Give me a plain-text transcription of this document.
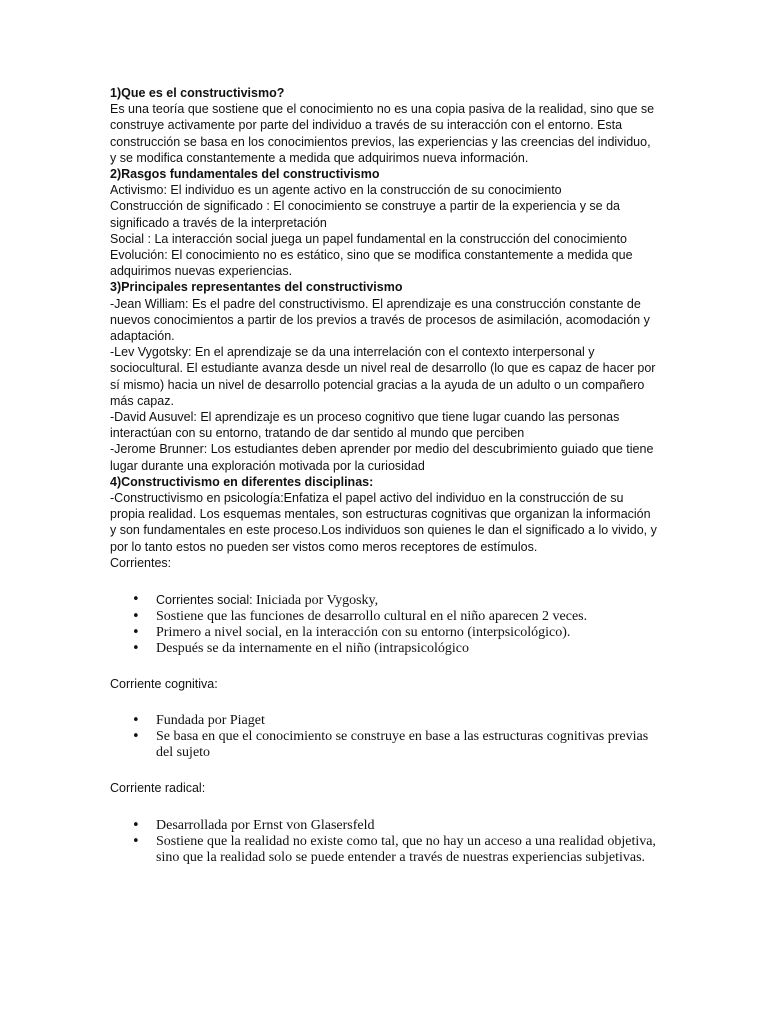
1)Que es el constructivismo?

Es una teoría que sostiene que el conocimiento no es una copia pasiva de la realidad, sino que se construye activamente por parte del individuo a través de su interacción con el entorno. Esta construcción se basa en los conocimientos previos, las experiencias y las creencias del individuo, y se modifica constantemente a medida que adquirimos nueva información.

2)Rasgos fundamentales del constructivismo

Activismo: El individuo es un agente activo en la construcción de su conocimiento

Construcción de significado : El conocimiento se construye a partir de la experiencia y se da significado a través de la interpretación

Social : La interacción social juega un papel fundamental en la construcción del conocimiento

Evolución: El conocimiento no es estático, sino que se modifica constantemente a medida que adquirimos nuevas experiencias.

3)Principales representantes del constructivismo

-Jean William: Es el padre del constructivismo. El aprendizaje es una construcción constante de nuevos conocimientos a partir de los previos a través de procesos de asimilación, acomodación y adaptación.

-Lev Vygotsky: En el aprendizaje se da una interrelación con el contexto interpersonal y sociocultural. El estudiante avanza desde un nivel real de desarrollo (lo que es capaz de hacer por sí mismo) hacia un nivel de desarrollo potencial gracias a la ayuda de un adulto o un compañero más capaz.

-David Ausuvel: El aprendizaje es un proceso cognitivo que tiene lugar cuando las personas interactúan con su entorno, tratando de dar sentido al mundo que perciben

-Jerome Brunner: Los estudiantes deben aprender por medio del descubrimiento guiado que tiene lugar durante una exploración motivada por la curiosidad

4)Constructivismo en diferentes disciplinas:

-Constructivismo en psicología:Enfatiza el papel activo del individuo en la construcción de su propia realidad. Los esquemas mentales, son estructuras cognitivas que organizan la información y son fundamentales en este proceso.Los individuos son quienes le dan el significado a lo vivido, y por lo tanto estos no pueden ser vistos como meros receptores de estímulos.

Corrientes:

• Corrientes social: Iniciada por Vygosky,
• Sostiene que las funciones de desarrollo cultural en el niño aparecen 2 veces.
• Primero a nivel social, en la interacción con su entorno (interpsicológico).
• Después se da internamente en el niño (intrapsicológico

Corriente cognitiva:

• Fundada por Piaget
• Se basa en que el conocimiento se construye en base a las estructuras cognitivas previas del sujeto

Corriente radical:

• Desarrollada por Ernst von Glasersfeld
• Sostiene que la realidad no existe como tal, que no hay un acceso a una realidad objetiva, sino que la realidad solo se puede entender a través de nuestras experiencias subjetivas.
